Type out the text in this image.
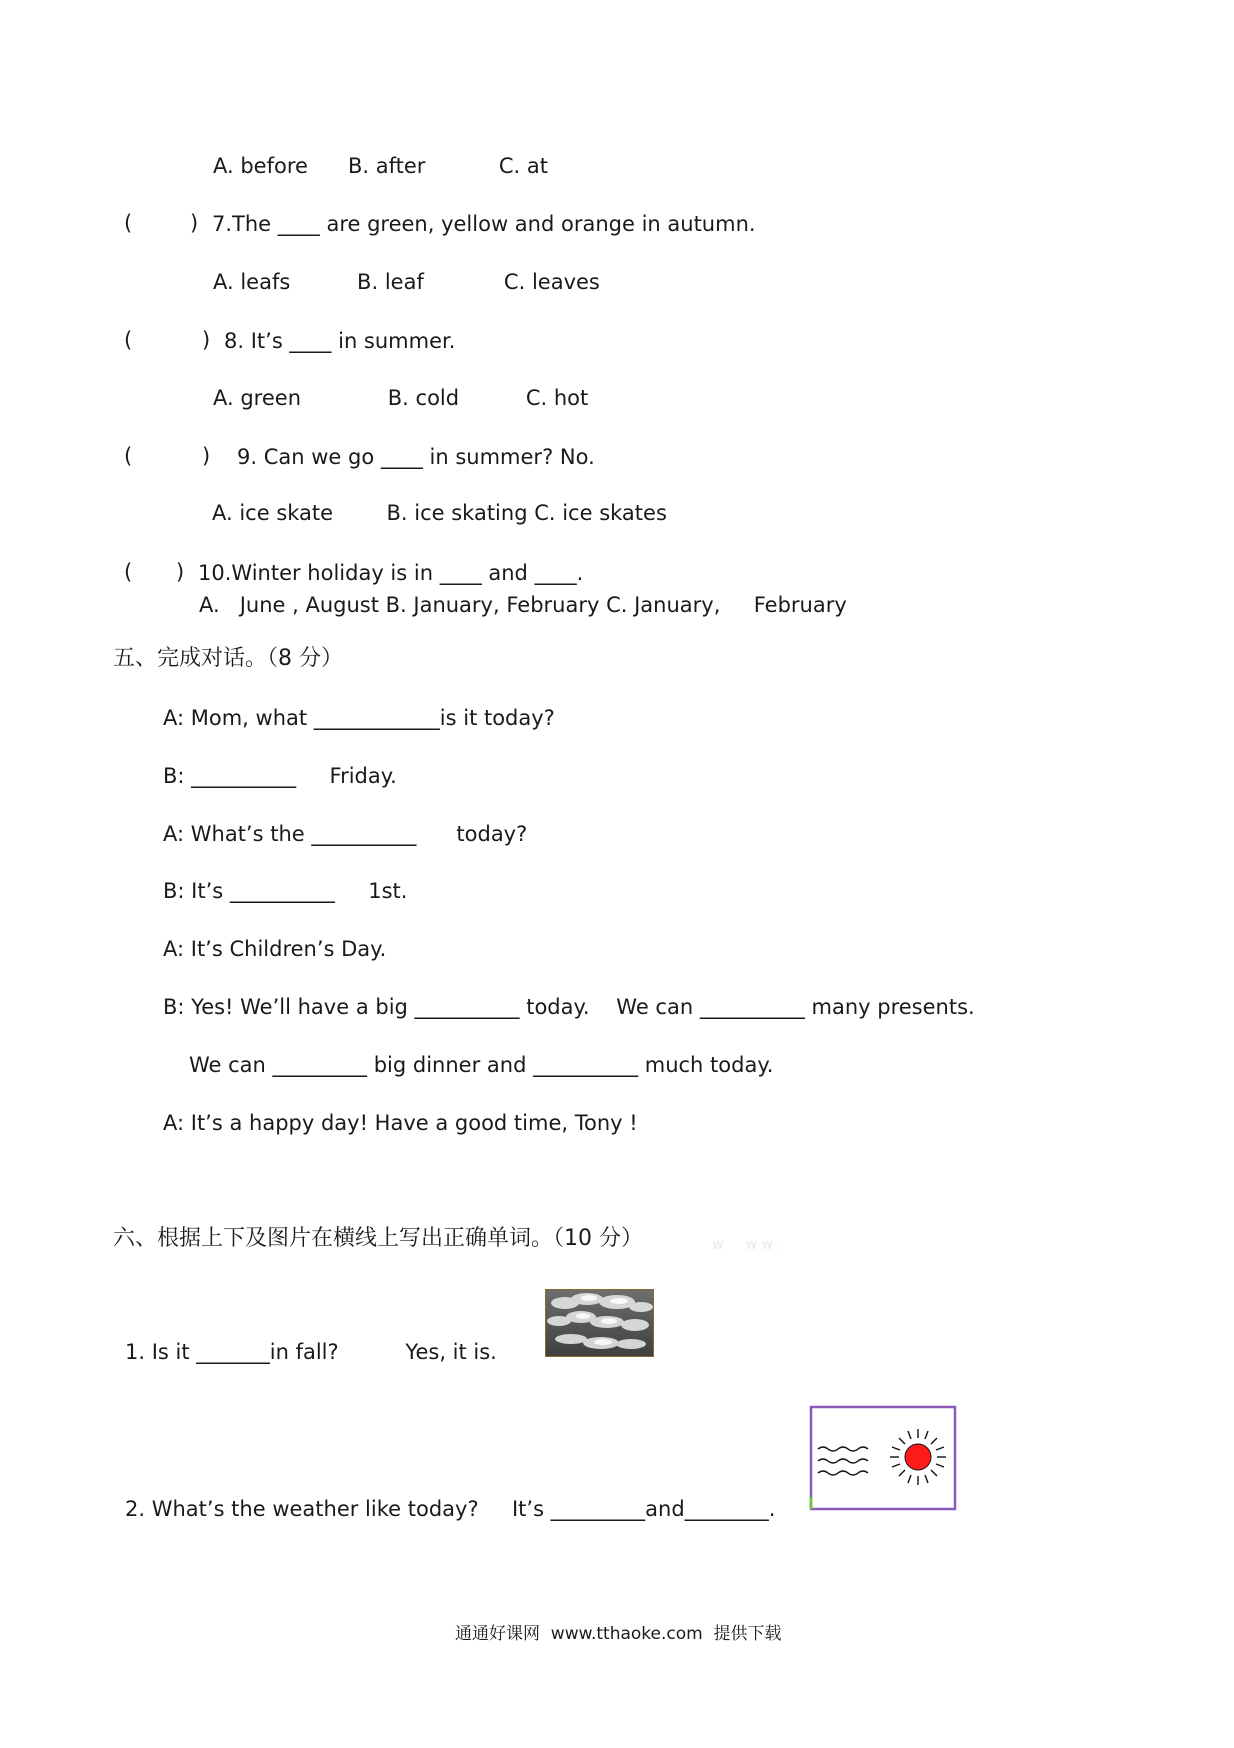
A. before      B. after           C. at
(	) 7.The ____ are green, yellow and orange in autumn.
A. leafs          B. leaf            C. leaves
(	) 8. It’s ____ in summer.
A. green             B. cold          C. hot
(	) 9. Can we go ____ in summer? No.
A. ice skate        B. ice skating C. ice skates
( ) 10.Winter holiday is in ____ and ____.
A.   June , August B. January, February C. January,     February
五、完成对话。（8 分）
A: Mom, what ____________is it today?
B: __________     Friday.
A: What’s the __________      today?
B: It’s __________     1st.
A: It’s Children’s Day.
B: Yes! We’ll have a big __________ today.    We can __________ many presents.
We can _________ big dinner and __________ much today.
A: It’s a happy day! Have a good time, Tony !
六、根据上下及图片在横线上写出正确单词。（10 分）	w     w w .
1. Is it _______in fall?          Yes, it is.
2. What’s the weather like today?     It’s _________and________.
通通好课网  www.tthaoke.com  提供下载
